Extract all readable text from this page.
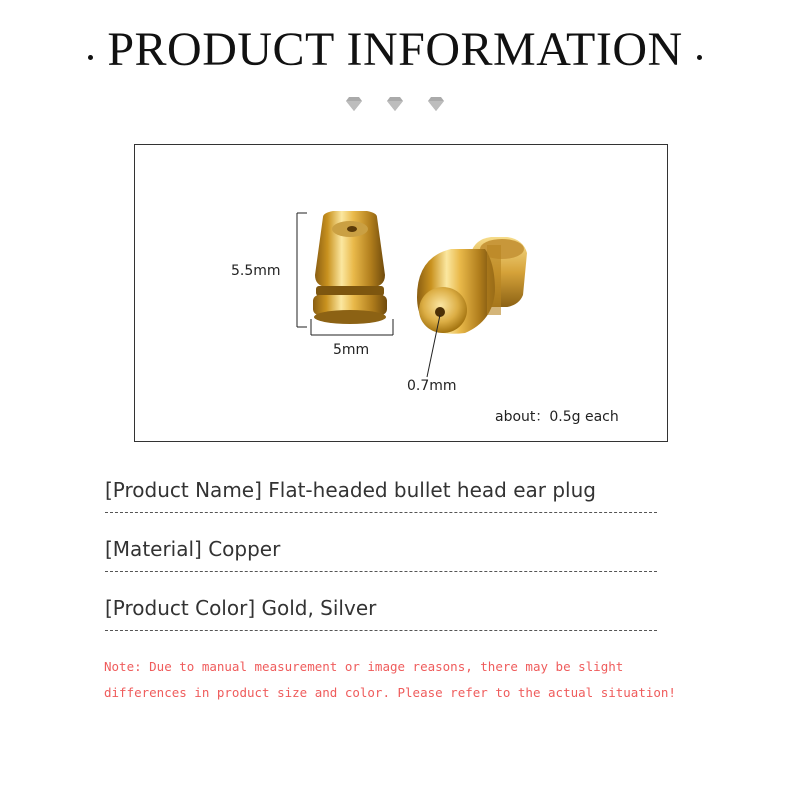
PRODUCT INFORMATION

5.5mm
5mm
0.7mm
about：0.5g each
[Product Name] Flat-headed bullet head ear plug
[Material] Copper
[Product Color] Gold, Silver
Note: Due to manual measurement or image reasons, there may be slight
differences in product size and color. Please refer to the actual situation!
